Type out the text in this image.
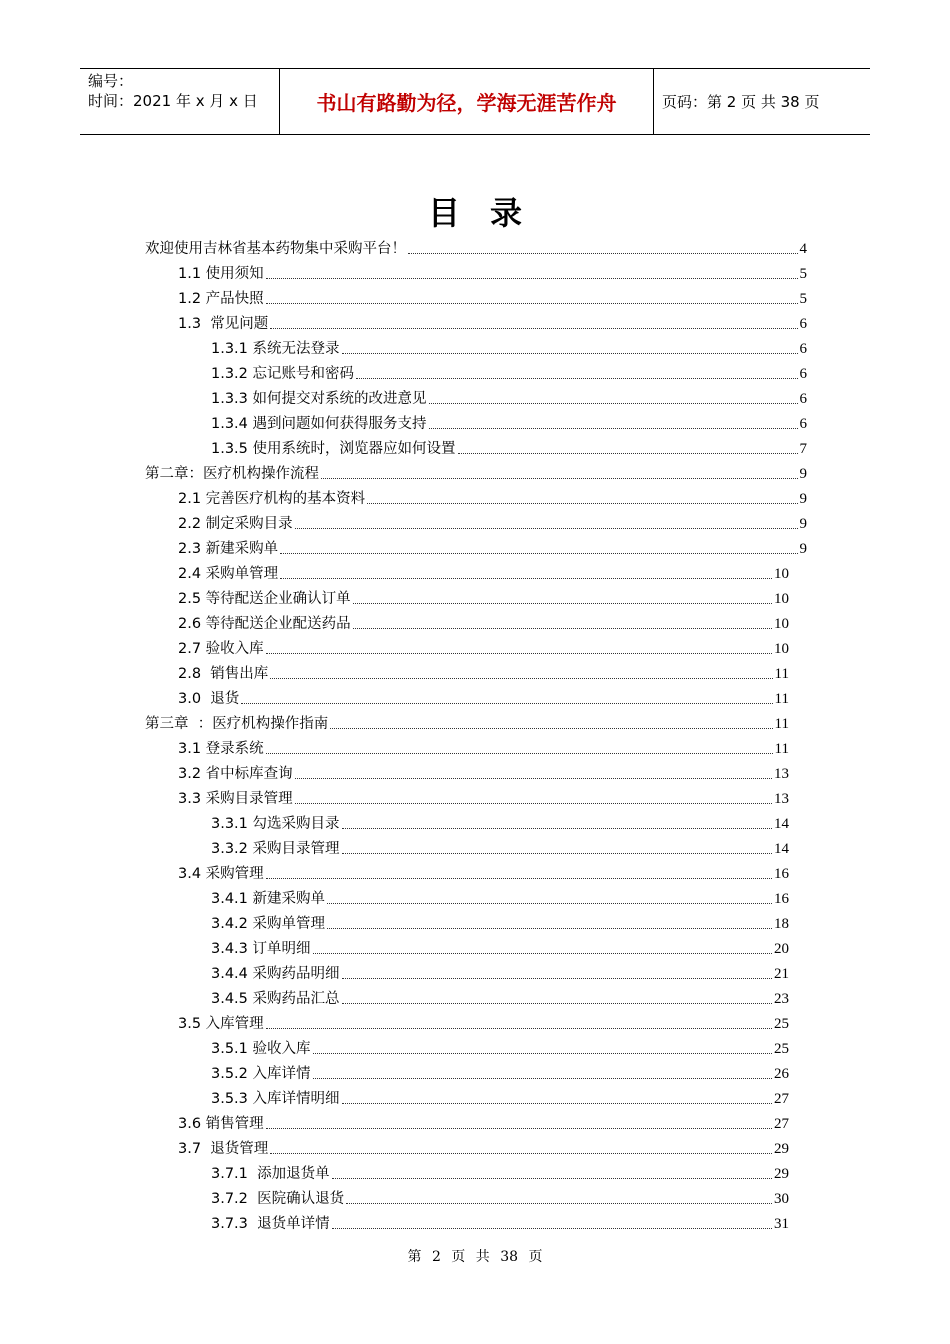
编号：
时间：2021 年 x 月 x 日	书山有路勤为径，学海无涯苦作舟	页码：第 2 页 共 38 页
目录
欢迎使用吉林省基本药物集中采购平台！	4
1.1 使用须知	5
1.2 产品快照	5
1.3  常见问题	6
1.3.1 系统无法登录	6
1.3.2 忘记账号和密码	6
1.3.3 如何提交对系统的改进意见	6
1.3.4 遇到问题如何获得服务支持	6
1.3.5 使用系统时，浏览器应如何设置	7
第二章：医疗机构操作流程	9
2.1 完善医疗机构的基本资料	9
2.2 制定采购目录	9
2.3 新建采购单	9
2.4 采购单管理	10
2.5 等待配送企业确认订单	10
2.6 等待配送企业配送药品	10
2.7 验收入库	10
2.8  销售出库	11
3.0  退货	11
第三章  ：医疗机构操作指南	11
3.1 登录系统	11
3.2 省中标库查询	13
3.3 采购目录管理	13
3.3.1 勾选采购目录	14
3.3.2 采购目录管理	14
3.4 采购管理	16
3.4.1 新建采购单	16
3.4.2 采购单管理	18
3.4.3 订单明细	20
3.4.4 采购药品明细	21
3.4.5 采购药品汇总	23
3.5 入库管理	25
3.5.1 验收入库	25
3.5.2 入库详情	26
3.5.3 入库详情明细	27
3.6 销售管理	27
3.7  退货管理	29
3.7.1  添加退货单	29
3.7.2  医院确认退货	30
3.7.3  退货单详情	31
第 2 页 共 38 页
